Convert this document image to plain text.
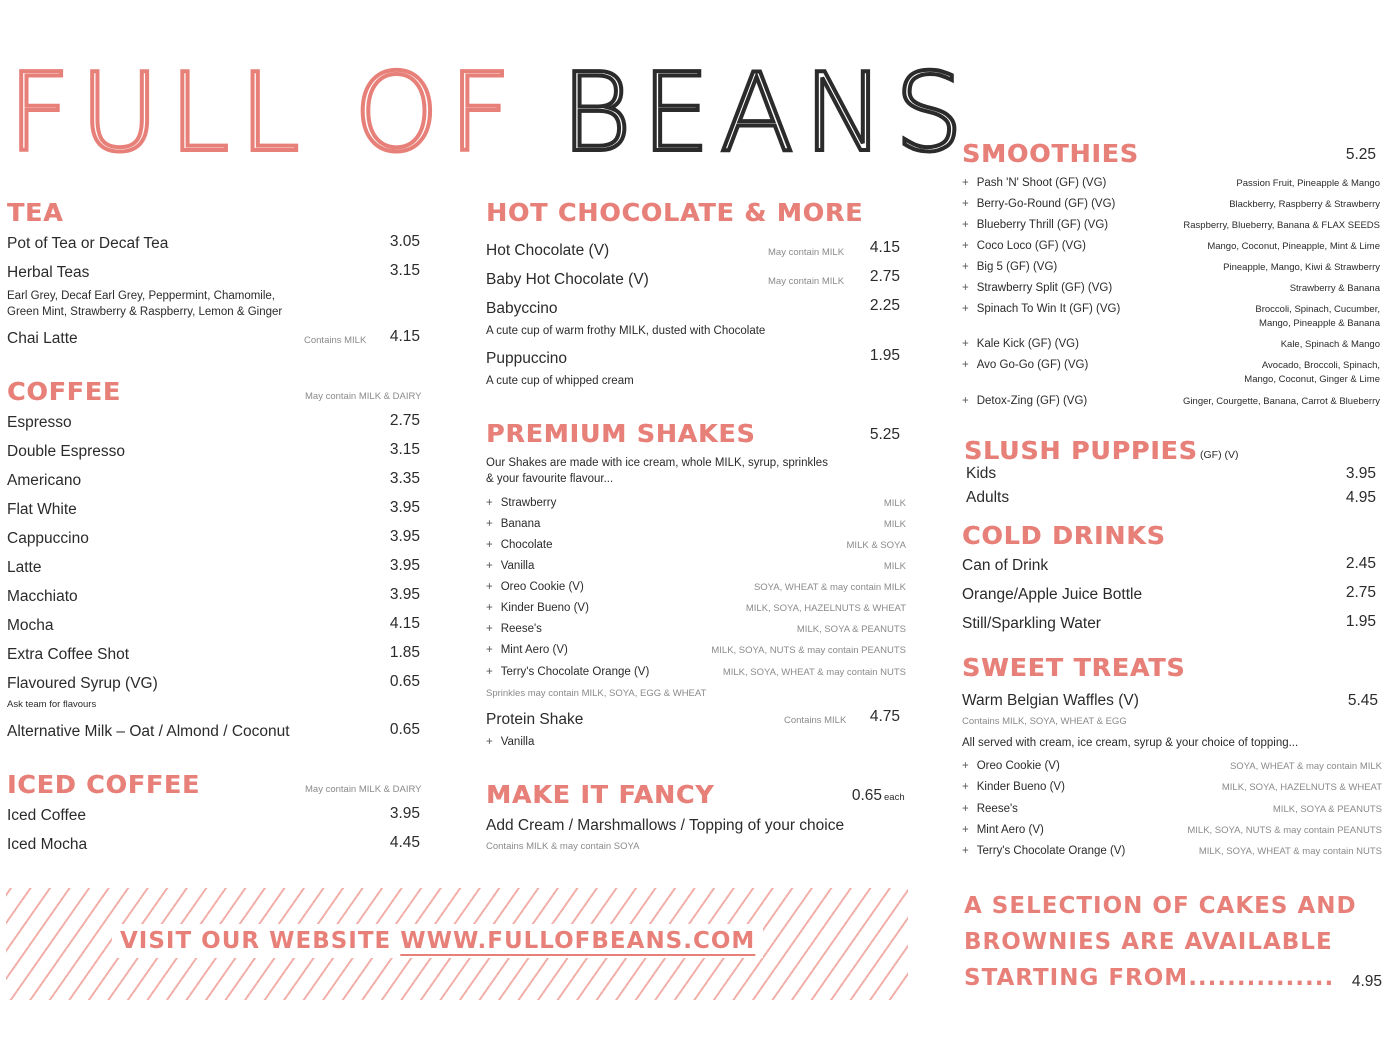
FULL OF BEANS
TEA
Pot of Tea or Decaf Tea	3.05
Herbal Teas	3.15
Earl Grey, Decaf Earl Grey, Peppermint, Chamomile,
Green Mint, Strawberry & Raspberry, Lemon & Ginger
Chai Latte	Contains MILK	4.15
COFFEE	May contain MILK & DAIRY
Espresso	2.75
Double Espresso	3.15
Americano	3.35
Flat White	3.95
Cappuccino	3.95
Latte	3.95
Macchiato	3.95
Mocha	4.15
Extra Coffee Shot	1.85
Flavoured Syrup (VG)	0.65
Ask team for flavours
Alternative Milk – Oat / Almond / Coconut	0.65
ICED COFFEE	May contain MILK & DAIRY
Iced Coffee	3.95
Iced Mocha	4.45
HOT CHOCOLATE & MORE
Hot Chocolate (V)	May contain MILK	4.15
Baby Hot Chocolate (V)	May contain MILK	2.75
Babyccino	2.25
A cute cup of warm frothy MILK, dusted with Chocolate
Puppuccino	1.95
A cute cup of whipped cream
PREMIUM SHAKES	5.25
Our Shakes are made with ice cream, whole MILK, syrup, sprinkles
& your favourite flavour...
+ Strawberry	MILK
+ Banana	MILK
+ Chocolate	MILK & SOYA
+ Vanilla	MILK
+ Oreo Cookie (V)	SOYA, WHEAT & may contain MILK
+ Kinder Bueno (V)	MILK, SOYA, HAZELNUTS & WHEAT
+ Reese's	MILK, SOYA & PEANUTS
+ Mint Aero (V)	MILK, SOYA, NUTS & may contain PEANUTS
+ Terry's Chocolate Orange (V)	MILK, SOYA, WHEAT & may contain NUTS
Sprinkles may contain MILK, SOYA, EGG & WHEAT
Protein Shake	Contains MILK	4.75
+ Vanilla
MAKE IT FANCY	0.65 each
Add Cream / Marshmallows / Topping of your choice
Contains MILK & may contain SOYA
SMOOTHIES	5.25
+ Pash 'N' Shoot (GF) (VG)	Passion Fruit, Pineapple & Mango
+ Berry-Go-Round (GF) (VG)	Blackberry, Raspberry & Strawberry
+ Blueberry Thrill (GF) (VG)	Raspberry, Blueberry, Banana & FLAX SEEDS
+ Coco Loco (GF) (VG)	Mango, Coconut, Pineapple, Mint & Lime
+ Big 5 (GF) (VG)	Pineapple, Mango, Kiwi & Strawberry
+ Strawberry Split (GF) (VG)	Strawberry & Banana
+ Spinach To Win It (GF) (VG)	Broccoli, Spinach, Cucumber,
Mango, Pineapple & Banana
+ Kale Kick (GF) (VG)	Kale, Spinach & Mango
+ Avo Go-Go (GF) (VG)	Avocado, Broccoli, Spinach,
Mango, Coconut, Ginger & Lime
+ Detox-Zing (GF) (VG)	Ginger, Courgette, Banana, Carrot & Blueberry
SLUSH PUPPIES (GF) (V)
Kids	3.95
Adults	4.95
COLD DRINKS
Can of Drink	2.45
Orange/Apple Juice Bottle	2.75
Still/Sparkling Water	1.95
SWEET TREATS
Warm Belgian Waffles (V)	5.45
Contains MILK, SOYA, WHEAT & EGG
All served with cream, ice cream, syrup & your choice of topping...
+ Oreo Cookie (V)	SOYA, WHEAT & may contain MILK
+ Kinder Bueno (V)	MILK, SOYA, HAZELNUTS & WHEAT
+ Reese's	MILK, SOYA & PEANUTS
+ Mint Aero (V)	MILK, SOYA, NUTS & may contain PEANUTS
+ Terry's Chocolate Orange (V)	MILK, SOYA, WHEAT & may contain NUTS
VISIT OUR WEBSITE WWW.FULLOFBEANS.COM
A SELECTION OF CAKES AND
BROWNIES ARE AVAILABLE
STARTING FROM...............	4.95
